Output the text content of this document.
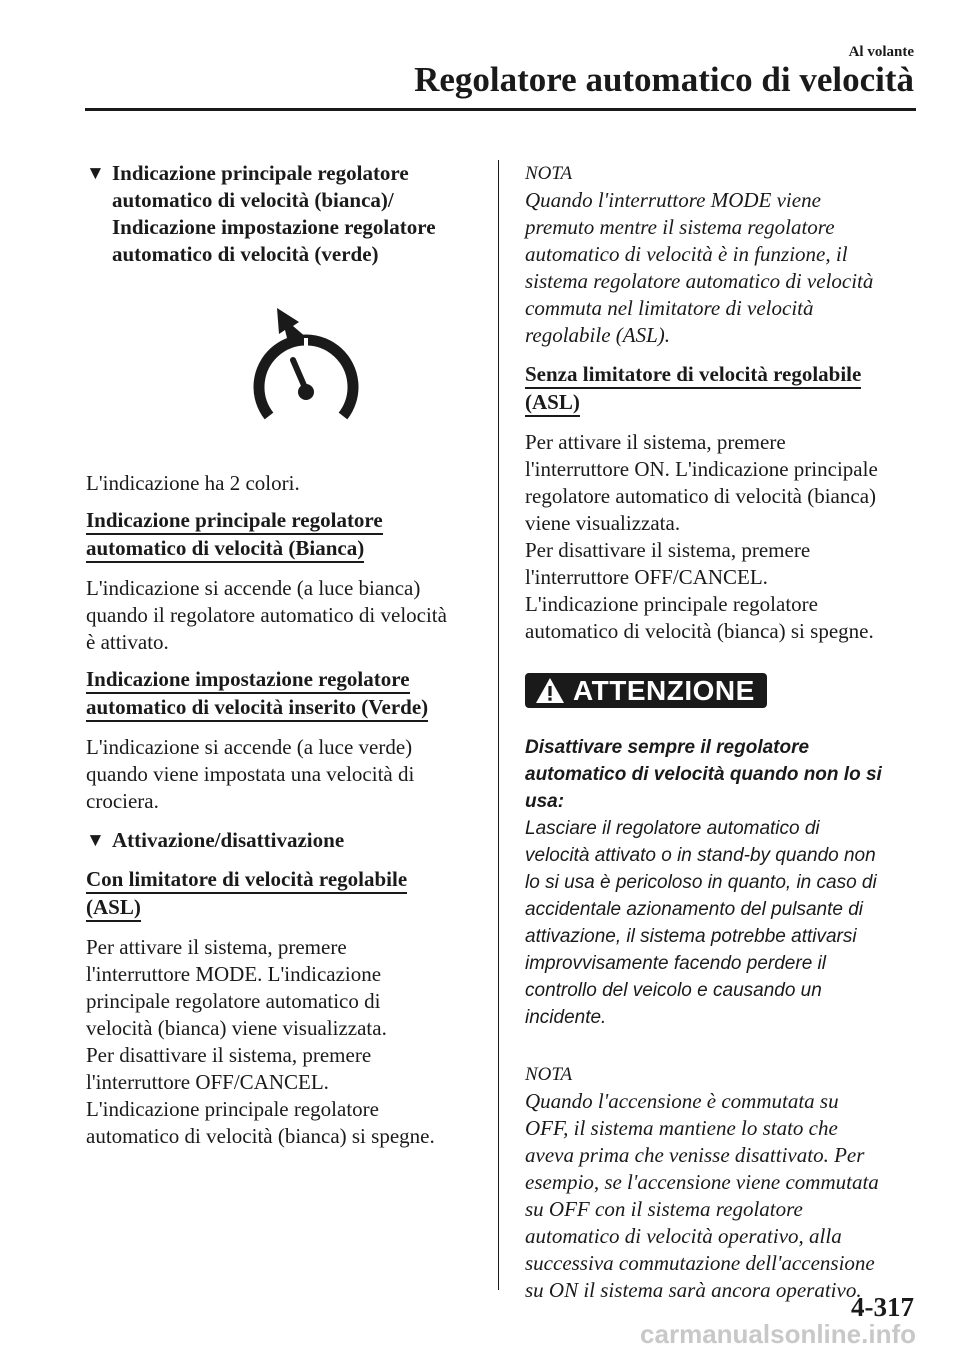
Al volante
Regolatore automatico di velocità
▼ Indicazione principale regolatore
automatico di velocità (bianca)/
Indicazione impostazione regolatore
automatico di velocità (verde)

L'indicazione ha 2 colori.

Indicazione principale regolatore
automatico di velocità (Bianca)

L'indicazione si accende (a luce bianca)
quando il regolatore automatico di velocità
è attivato.

Indicazione impostazione regolatore
automatico di velocità inserito (Verde)

L'indicazione si accende (a luce verde)
quando viene impostata una velocità di
crociera.

▼ Attivazione/disattivazione
Con limitatore di velocità regolabile
(ASL)

Per attivare il sistema, premere
l'interruttore MODE. L'indicazione
principale regolatore automatico di
velocità (bianca) viene visualizzata.
Per disattivare il sistema, premere
l'interruttore OFF/CANCEL.
L'indicazione principale regolatore
automatico di velocità (bianca) si spegne.

NOTA

Quando l'interruttore MODE viene
premuto mentre il sistema regolatore
automatico di velocità è in funzione, il
sistema regolatore automatico di velocità
commuta nel limitatore di velocità
regolabile (ASL).

Senza limitatore di velocità regolabile
(ASL)

Per attivare il sistema, premere
l'interruttore ON. L'indicazione principale
regolatore automatico di velocità (bianca)
viene visualizzata.
Per disattivare il sistema, premere
l'interruttore OFF/CANCEL.
L'indicazione principale regolatore
automatico di velocità (bianca) si spegne.

ATTENZIONE

Disattivare sempre il regolatore
automatico di velocità quando non lo si
usa:

Lasciare il regolatore automatico di
velocità attivato o in stand-by quando non
lo si usa è pericoloso in quanto, in caso di
accidentale azionamento del pulsante di
attivazione, il sistema potrebbe attivarsi
improvvisamente facendo perdere il
controllo del veicolo e causando un
incidente.

NOTA

Quando l'accensione è commutata su
OFF, il sistema mantiene lo stato che
aveva prima che venisse disattivato. Per
esempio, se l'accensione viene commutata
su OFF con il sistema regolatore
automatico di velocità operativo, alla
successiva commutazione dell'accensione
su ON il sistema sarà ancora operativo.

4-317
carmanualsonline.info
